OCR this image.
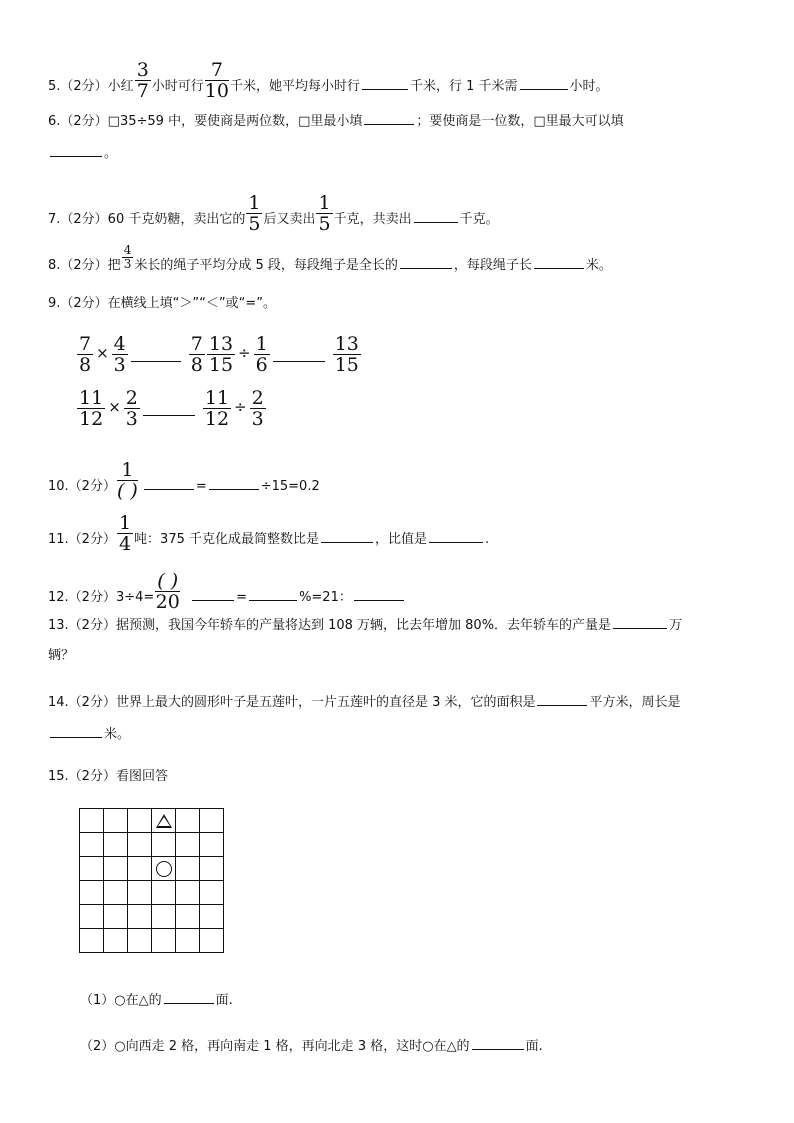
5.（2分）小红 $\frac{3}{7}$ 小时可行 $\frac{7}{10}$ 千米，她平均每小时行	千米，行 1 千米需	小时。
6.（2分）□35÷59 中，要使商是两位数，□里最小填	；要使商是一位数，□里最大可以填
。
7.（2分）60 千克奶糖，卖出它的 $\frac{1}{5}$ 后又卖出 $\frac{1}{5}$ 千克，共卖出	千克。
8.（2分）把 $\frac{4}{3}$ 米长的绳子平均分成 5 段，每段绳子是全长的	，每段绳子长	米。
9.（2分）在横线上填“＞”“＜”或“=”。
$\frac{7}{8} \times \frac{4}{3}$	$\frac{7}{8} \frac{13}{15} \div \frac{1}{6}$	$\frac{13}{15}$
$\frac{11}{12} \times \frac{2}{3}$	$\frac{11}{12} \div \frac{2}{3}$
10.（2分） $\frac{1}{( )}$	=	÷15=0.2
11.（2分） $\frac{1}{4}$ 吨：375 千克化成最简整数比是	，比值是	.
12.（2分）$3\div 4= \frac{( )}{20}$	=	%=21：
13.（2分）据预测，我国今年轿车的产量将达到 108 万辆，比去年增加 80%．去年轿车的产量是	万
辆？
14.（2分）世界上最大的圆形叶子是五莲叶，一片五莲叶的直径是 3 米，它的面积是	平方米，周长是
米。
15.（2分）看图回答

（1）○在△的	面.
（2）○向西走 2 格，再向南走 1 格，再向北走 3 格，这时○在△的	面.
